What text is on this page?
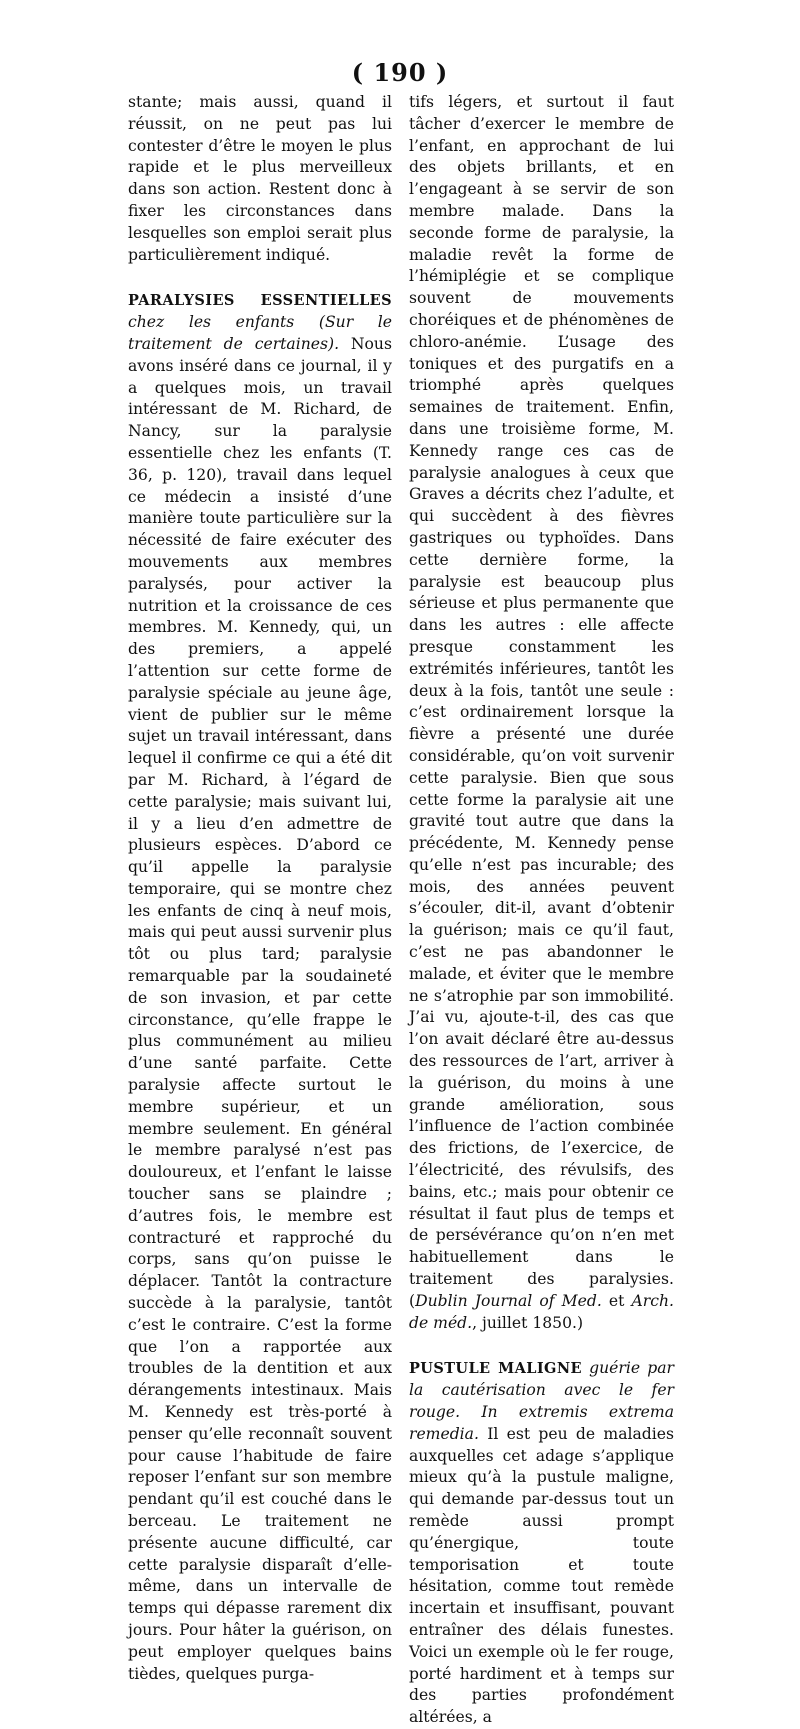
( 190 )

stante; mais aussi, quand il réussit, on ne peut pas lui contester d’être le moyen le plus rapide et le plus merveilleux dans son action. Restent donc à fixer les circonstances dans lesquelles son emploi serait plus particulièrement indiqué.

PARALYSIES ESSENTIELLES chez les enfants (Sur le traitement de certaines). Nous avons inséré dans ce journal, il y a quelques mois, un travail intéressant de M. Richard, de Nancy, sur la paralysie essentielle chez les enfants (T. 36, p. 120), travail dans lequel ce médecin a insisté d’une manière toute particulière sur la nécessité de faire exécuter des mouvements aux membres paralysés, pour activer la nutrition et la croissance de ces membres. M. Kennedy, qui, un des premiers, a appelé l’attention sur cette forme de paralysie spéciale au jeune âge, vient de publier sur le même sujet un travail intéressant, dans lequel il confirme ce qui a été dit par M. Richard, à l’égard de cette paralysie; mais suivant lui, il y a lieu d’en admettre de plusieurs espèces. D’abord ce qu’il appelle la paralysie temporaire, qui se montre chez les enfants de cinq à neuf mois, mais qui peut aussi survenir plus tôt ou plus tard; paralysie remarquable par la soudaineté de son invasion, et par cette circonstance, qu’elle frappe le plus communément au milieu d’une santé parfaite. Cette paralysie affecte surtout le membre supérieur, et un membre seulement. En général le membre paralysé n’est pas douloureux, et l’enfant le laisse toucher sans se plaindre ; d’autres fois, le membre est contracturé et rapproché du corps, sans qu’on puisse le déplacer. Tantôt la contracture succède à la paralysie, tantôt c’est le contraire. C’est la forme que l’on a rapportée aux troubles de la dentition et aux dérangements intestinaux. Mais M. Kennedy est très-porté à penser qu’elle reconnaît souvent pour cause l’habitude de faire reposer l’enfant sur son membre pendant qu’il est couché dans le berceau. Le traitement ne présente aucune difficulté, car cette paralysie disparaît d’elle-même, dans un intervalle de temps qui dépasse rarement dix jours. Pour hâter la guérison, on peut employer quelques bains tièdes, quelques purga-

tifs légers, et surtout il faut tâcher d’exercer le membre de l’enfant, en approchant de lui des objets brillants, et en l’engageant à se servir de son membre malade. Dans la seconde forme de paralysie, la maladie revêt la forme de l’hémiplégie et se complique souvent de mouvements choréiques et de phénomènes de chloro-anémie. L’usage des toniques et des purgatifs en a triomphé après quelques semaines de traitement. Enfin, dans une troisième forme, M. Kennedy range ces cas de paralysie analogues à ceux que Graves a décrits chez l’adulte, et qui succèdent à des fièvres gastriques ou typhoïdes. Dans cette dernière forme, la paralysie est beaucoup plus sérieuse et plus permanente que dans les autres : elle affecte presque constamment les extrémités inférieures, tantôt les deux à la fois, tantôt une seule : c’est ordinairement lorsque la fièvre a présenté une durée considérable, qu’on voit survenir cette paralysie. Bien que sous cette forme la paralysie ait une gravité tout autre que dans la précédente, M. Kennedy pense qu’elle n’est pas incurable; des mois, des années peuvent s’écouler, dit-il, avant d’obtenir la guérison; mais ce qu’il faut, c’est ne pas abandonner le malade, et éviter que le membre ne s’atrophie par son immobilité. J’ai vu, ajoute-t-il, des cas que l’on avait déclaré être au-dessus des ressources de l’art, arriver à la guérison, du moins à une grande amélioration, sous l’influence de l’action combinée des frictions, de l’exercice, de l’électricité, des révulsifs, des bains, etc.; mais pour obtenir ce résultat il faut plus de temps et de persévérance qu’on n’en met habituellement dans le traitement des paralysies. (Dublin Journal of Med. et Arch. de méd., juillet 1850.)

PUSTULE MALIGNE guérie par la cautérisation avec le fer rouge. In extremis extrema remedia. Il est peu de maladies auxquelles cet adage s’applique mieux qu’à la pustule maligne, qui demande par-dessus tout un remède aussi prompt qu’énergique, toute temporisation et toute hésitation, comme tout remède incertain et insuffisant, pouvant entraîner des délais funestes. Voici un exemple où le fer rouge, porté hardiment et à temps sur des parties profondément altérées, a
